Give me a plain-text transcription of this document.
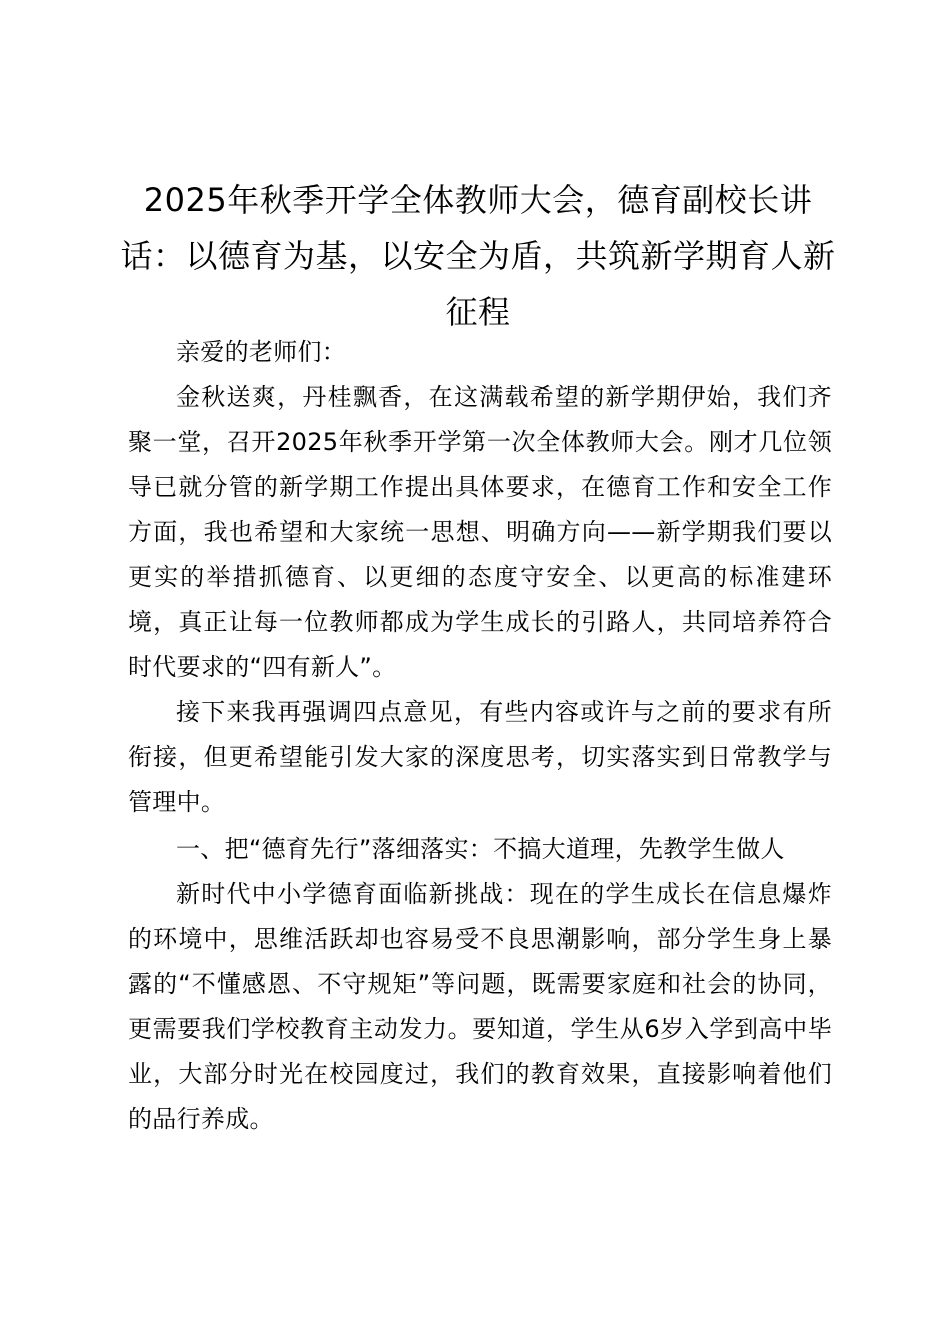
2025年秋季开学全体教师大会，德育副校长讲话：以德育为基，以安全为盾，共筑新学期育人新征程

亲爱的老师们：

金秋送爽，丹桂飘香，在这满载希望的新学期伊始，我们齐聚一堂，召开2025年秋季开学第一次全体教师大会。刚才几位领导已就分管的新学期工作提出具体要求，在德育工作和安全工作方面，我也希望和大家统一思想、明确方向——新学期我们要以更实的举措抓德育、以更细的态度守安全、以更高的标准建环境，真正让每一位教师都成为学生成长的引路人，共同培养符合时代要求的“四有新人”。

接下来我再强调四点意见，有些内容或许与之前的要求有所衔接，但更希望能引发大家的深度思考，切实落实到日常教学与管理中。

一、把“德育先行”落细落实：不搞大道理，先教学生做人

新时代中小学德育面临新挑战：现在的学生成长在信息爆炸的环境中，思维活跃却也容易受不良思潮影响，部分学生身上暴露的“不懂感恩、不守规矩”等问题，既需要家庭和社会的协同，更需要我们学校教育主动发力。要知道，学生从6岁入学到高中毕业，大部分时光在校园度过，我们的教育效果，直接影响着他们的品行养成。
